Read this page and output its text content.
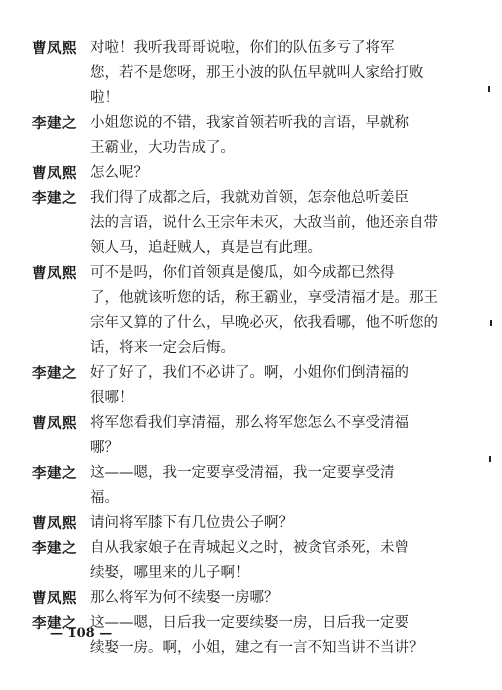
曹凤熙 对啦！我听我哥哥说啦，你们的队伍多亏了将军
您，若不是您呀，那王小波的队伍早就叫人家给打败
啦！
李建之 小姐您说的不错，我家首领若听我的言语，早就称
王霸业，大功告成了。
曹凤熙 怎么呢？
李建之 我们得了成都之后，我就劝首领，怎奈他总听姜臣
法的言语，说什么王宗年未灭，大敌当前，他还亲自带
领人马，追赶贼人，真是岂有此理。
曹凤熙 可不是吗，你们首领真是傻瓜，如今成都已然得
了，他就该听您的话，称王霸业，享受清福才是。那王
宗年又算的了什么，早晚必灭，依我看哪，他不听您的
话，将来一定会后悔。
李建之 好了好了，我们不必讲了。啊，小姐你们倒清福的
很哪！
曹凤熙 将军您看我们享清福，那么将军您怎么不享受清福
哪？
李建之 这——嗯，我一定要享受清福，我一定要享受清
福。
曹凤熙 请问将军膝下有几位贵公子啊？
李建之 自从我家娘子在青城起义之时，被贪官杀死，未曾
续娶，哪里来的儿子啊！
曹凤熙 那么将军为何不续娶一房哪？
李建之 这——嗯，日后我一定要续娶一房，日后我一定要
续娶一房。啊，小姐，建之有一言不知当讲不当讲？
— 108 —
